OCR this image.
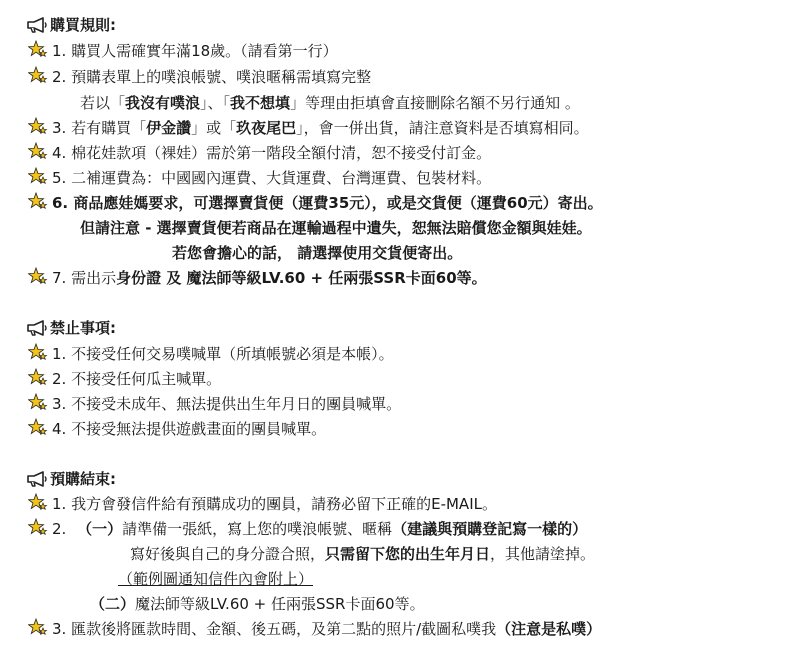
購買規則:
1. 購買人需確實年滿18歲。（請看第一行）
2. 預購表單上的噗浪帳號、噗浪暱稱需填寫完整
若以「我沒有噗浪」、「我不想填」等理由拒填會直接刪除名額不另行通知 。
3. 若有購買「伊金讚」或「玖夜尾巴」，會一併出貨，請注意資料是否填寫相同。
4. 棉花娃款項（裸娃）需於第一階段全額付清，恕不接受付訂金。
5. 二補運費為：中國國內運費、大貨運費、台灣運費、包裝材料。
6. 商品應娃媽要求，可選擇賣貨便（運費35元），或是交貨便（運費60元）寄出。
但請注意 - 選擇賣貨便若商品在運輸過程中遺失，恕無法賠償您金額與娃娃。
若您會擔心的話， 請選擇使用交貨便寄出。
7. 需出示身份證 及 魔法師等級LV.60 + 任兩張SSR卡面60等。
禁止事項:
1. 不接受任何交易噗喊單（所填帳號必須是本帳）。
2. 不接受任何瓜主喊單。
3. 不接受未成年、無法提供出生年月日的團員喊單。
4. 不接受無法提供遊戲畫面的團員喊單。
預購結束:
1. 我方會發信件給有預購成功的團員，請務必留下正確的E-MAIL。
2. （一）請準備一張紙，寫上您的噗浪帳號、暱稱（建議與預購登記寫一樣的）
寫好後與自己的身分證合照，只需留下您的出生年月日，其他請塗掉。
（範例圖通知信件內會附上）
（二）魔法師等級LV.60 + 任兩張SSR卡面60等。
3. 匯款後將匯款時間、金額、後五碼，及第二點的照片/截圖私噗我（注意是私噗）
